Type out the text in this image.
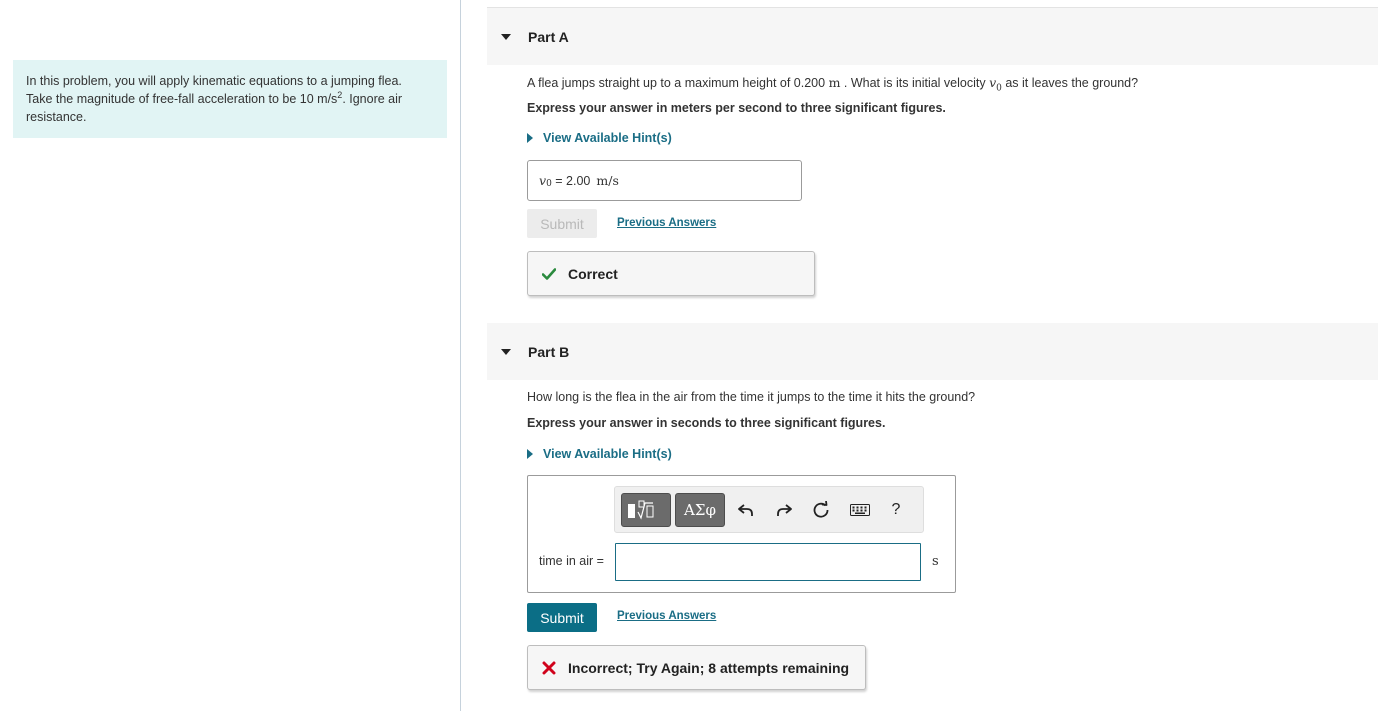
In this problem, you will apply kinematic equations to a jumping flea.
Take the magnitude of free-fall acceleration to be 10 $m/s^2$. Ignore air
resistance.
Part A
A flea jumps straight up to a maximum height of 0.200 m . What is its initial velocity $v_0$ as it leaves the ground?
Express your answer in meters per second to three significant figures.
View Available Hint(s)
$v_0 = 2.00$ m/s
Submit	Previous Answers
Correct
Part B
How long is the flea in the air from the time it jumps to the time it hits the ground?
Express your answer in seconds to three significant figures.
View Available Hint(s)
ΑΣφ	?
time in air =	s
Submit	Previous Answers
Incorrect; Try Again; 8 attempts remaining
